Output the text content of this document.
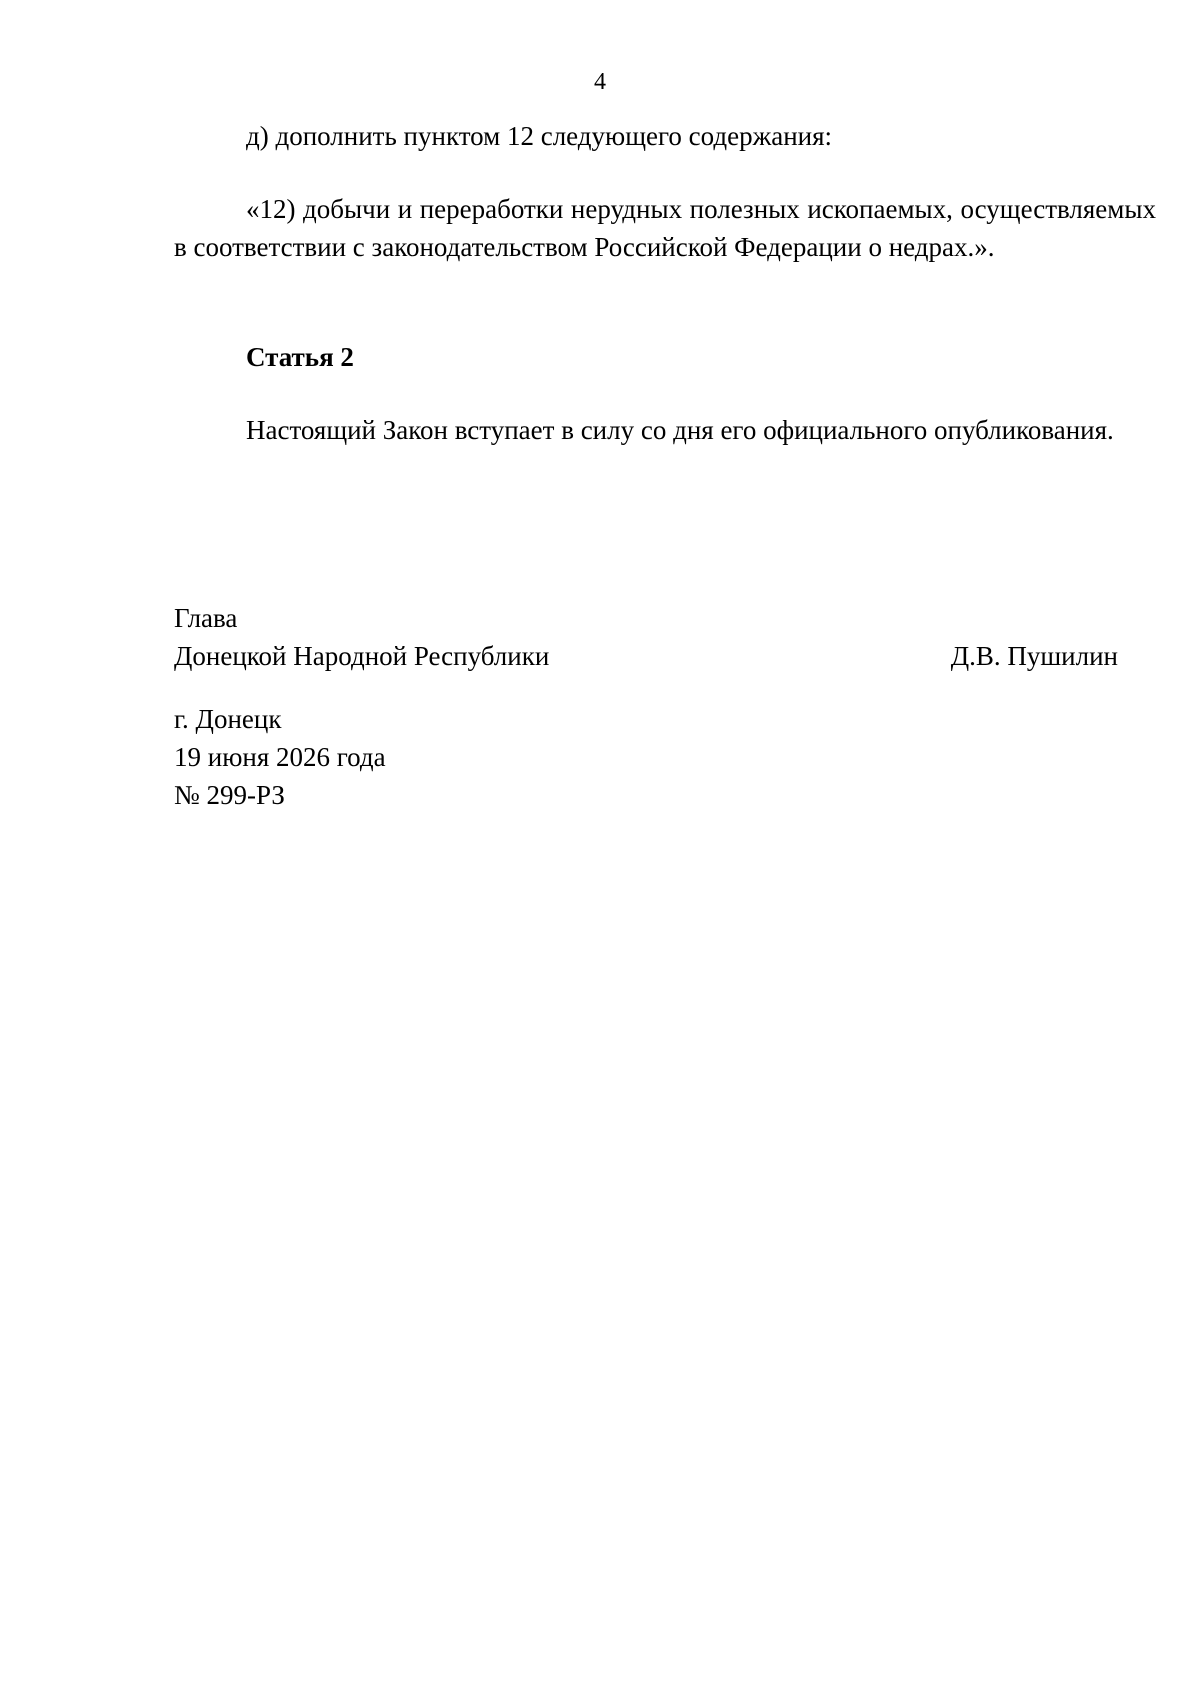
4
д) дополнить пунктом 12 следующего содержания:
«12) добычи и переработки нерудных полезных ископаемых, осуществляемых в соответствии с законодательством Российской Федерации о недрах.».
Статья 2
Настоящий Закон вступает в силу со дня его официального опубликования.
Глава
Донецкой Народной Республики	Д.В. Пушилин
г. Донецк
19 июня 2026 года
№ 299-РЗ
